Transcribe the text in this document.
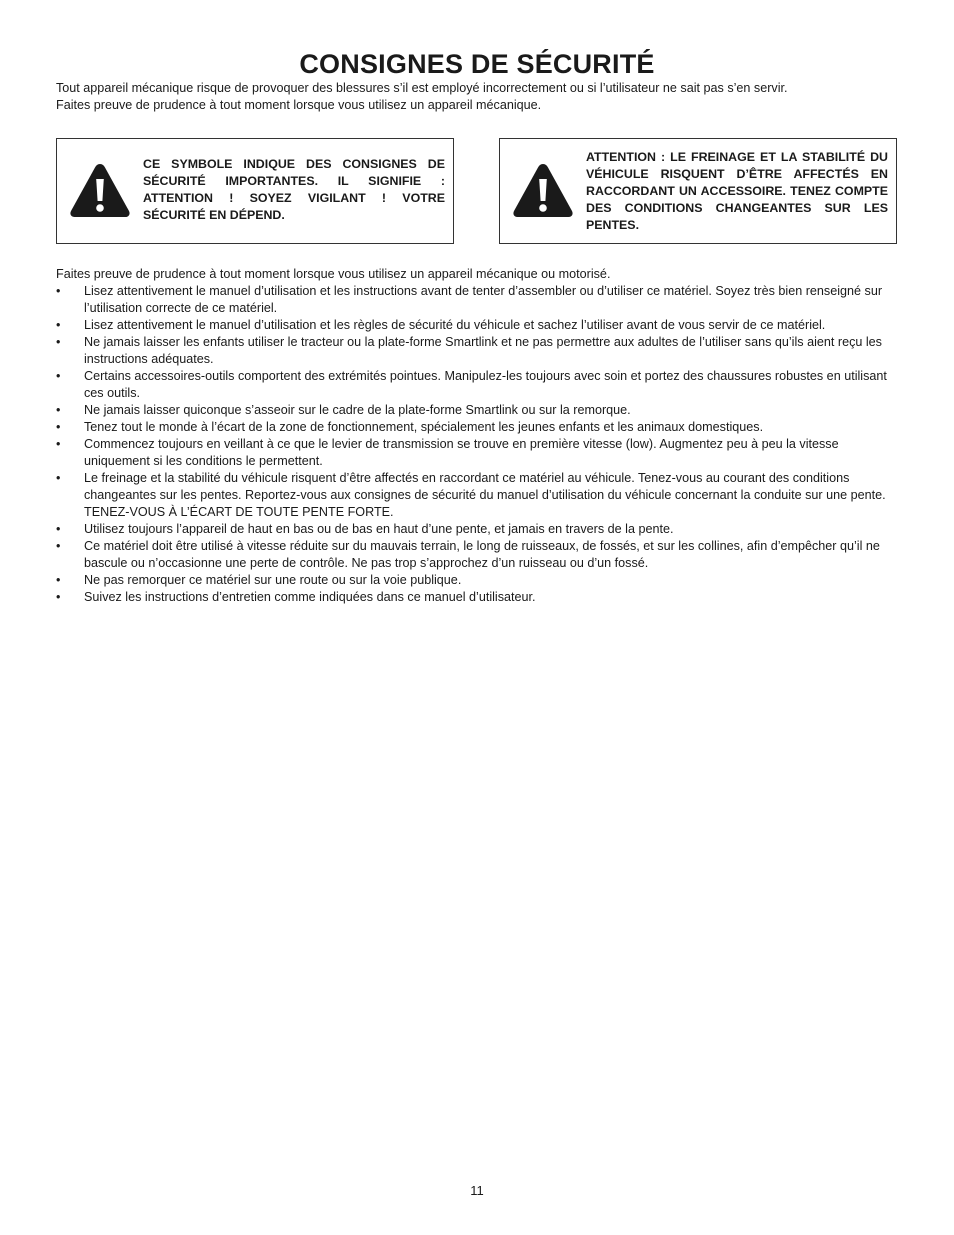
CONSIGNES DE SÉCURITÉ

Tout appareil mécanique risque de provoquer des blessures s’il est employé incorrectement ou si l’utilisateur ne sait pas s’en servir.

Faites preuve de prudence à tout moment lorsque vous utilisez un appareil mécanique.

CE SYMBOLE INDIQUE DES CONSIGNES DE SÉCURITÉ IMPORTANTES. IL SIGNIFIE : ATTENTION ! SOYEZ VIGILANT ! VOTRE SÉCURITÉ EN DÉPEND.
ATTENTION : LE FREINAGE ET LA STABILITÉ DU VÉHICULE RISQUENT D’ÊTRE AFFECTÉS EN RACCORDANT UN ACCESSOIRE. TENEZ COMPTE DES CONDITIONS CHANGEANTES SUR LES PENTES.

Faites preuve de prudence à tout moment lorsque vous utilisez un appareil mécanique ou motorisé.

• Lisez attentivement le manuel d’utilisation et les instructions avant de tenter d’assembler ou d’utiliser ce matériel. Soyez très bien renseigné sur l’utilisation correcte de ce matériel.
• Lisez attentivement le manuel d’utilisation et les règles de sécurité du véhicule et sachez l’utiliser avant de vous servir de ce matériel.
• Ne jamais laisser les enfants utiliser le tracteur ou la plate-forme Smartlink et ne pas permettre aux adultes de l’utiliser sans qu’ils aient reçu les instructions adéquates.
• Certains accessoires-outils comportent des extrémités pointues. Manipulez-les toujours avec soin et portez des chaussures robustes en utilisant ces outils.
• Ne jamais laisser quiconque s’asseoir sur le cadre de la plate-forme Smartlink ou sur la remorque.
• Tenez tout le monde à l’écart de la zone de fonctionnement, spécialement les jeunes enfants et les animaux domestiques.
• Commencez toujours en veillant à ce que le levier de transmission se trouve en première vitesse (low). Augmentez peu à peu la vitesse uniquement si les conditions le permettent.
• Le freinage et la stabilité du véhicule risquent d’être affectés en raccordant ce matériel au véhicule. Tenez-vous au courant des conditions changeantes sur les pentes. Reportez-vous aux consignes de sécurité du manuel d’utilisation du véhicule concernant la conduite sur une pente. TENEZ-VOUS À L’ÉCART DE TOUTE PENTE FORTE.
• Utilisez toujours l’appareil de haut en bas ou de bas en haut d’une pente, et jamais en travers de la pente.
• Ce matériel doit être utilisé à vitesse réduite sur du mauvais terrain, le long de ruisseaux, de fossés, et sur les collines, afin d’empêcher qu’il ne bascule ou n’occasionne une perte de contrôle. Ne pas trop s’approchez d’un ruisseau ou d’un fossé.
• Ne pas remorquer ce matériel sur une route ou sur la voie publique.
• Suivez les instructions d’entretien comme indiquées dans ce manuel d’utilisateur.
11
